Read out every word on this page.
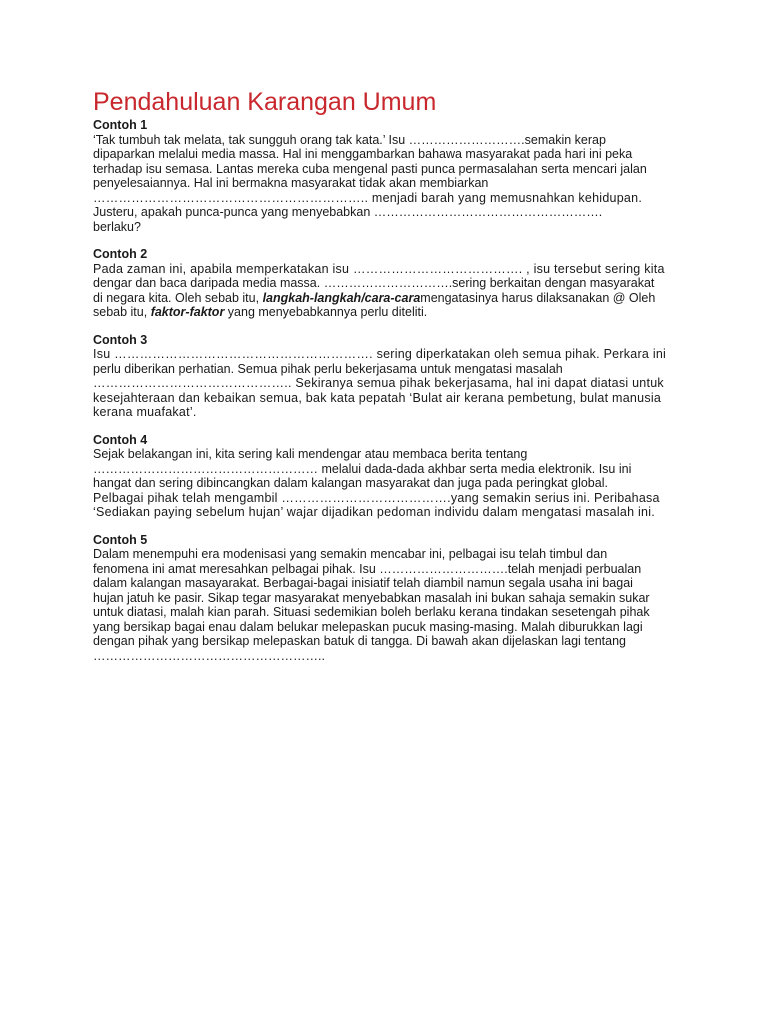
Pendahuluan Karangan Umum

Contoh 1

‘Tak tumbuh tak melata, tak sungguh orang tak kata.’ Isu ……………………….semakin kerap

dipaparkan melalui media massa. Hal ini menggambarkan bahawa masyarakat pada hari ini peka

terhadap isu semasa. Lantas mereka cuba mengenal pasti punca permasalahan serta mencari jalan

penyelesaiannya. Hal ini bermakna masyarakat tidak akan membiarkan

……………………………………………………….. menjadi barah yang memusnahkan kehidupan.

Justeru, apakah punca-punca yang menyebabkan ……………………………………………….

berlaku?

Contoh 2

Pada zaman ini, apabila memperkatakan isu …………………………………. , isu tersebut sering kita

dengar dan baca daripada media massa. ………………………….sering berkaitan dengan masyarakat

di negara kita. Oleh sebab itu, langkah-langkah/cara-caramengatasinya harus dilaksanakan @ Oleh

sebab itu, faktor-faktor yang menyebabkannya perlu diteliti.

Contoh 3

Isu ……………………………………………………. sering diperkatakan oleh semua pihak. Perkara ini

perlu diberikan perhatian. Semua pihak perlu bekerjasama untuk mengatasi masalah

……………………………………….. Sekiranya semua pihak bekerjasama, hal ini dapat diatasi untuk

kesejahteraan dan kebaikan semua, bak kata pepatah ‘Bulat air kerana pembetung, bulat manusia

kerana muafakat’.

Contoh 4

Sejak belakangan ini, kita sering kali mendengar atau membaca berita tentang

……………………………………………… melalui dada-dada akhbar serta media elektronik. Isu ini

hangat dan sering dibincangkan dalam kalangan masyarakat dan juga pada peringkat global.

Pelbagai pihak telah mengambil ………………………………….yang semakin serius ini. Peribahasa

‘Sediakan paying sebelum hujan’ wajar dijadikan pedoman individu dalam mengatasi masalah ini.

Contoh 5

Dalam menempuhi era modenisasi yang semakin mencabar ini, pelbagai isu telah timbul dan

fenomena ini amat meresahkan pelbagai pihak. Isu ………………………….telah menjadi perbualan

dalam kalangan masayarakat. Berbagai-bagai inisiatif telah diambil namun segala usaha ini bagai

hujan jatuh ke pasir. Sikap tegar masyarakat menyebabkan masalah ini bukan sahaja semakin sukar

untuk diatasi, malah kian parah. Situasi sedemikian boleh berlaku kerana tindakan sesetengah pihak

yang bersikap bagai enau dalam belukar melepaskan pucuk masing-masing. Malah diburukkan lagi

dengan pihak yang bersikap melepaskan batuk di tangga. Di bawah akan dijelaskan lagi tentang

………………………………………………..
